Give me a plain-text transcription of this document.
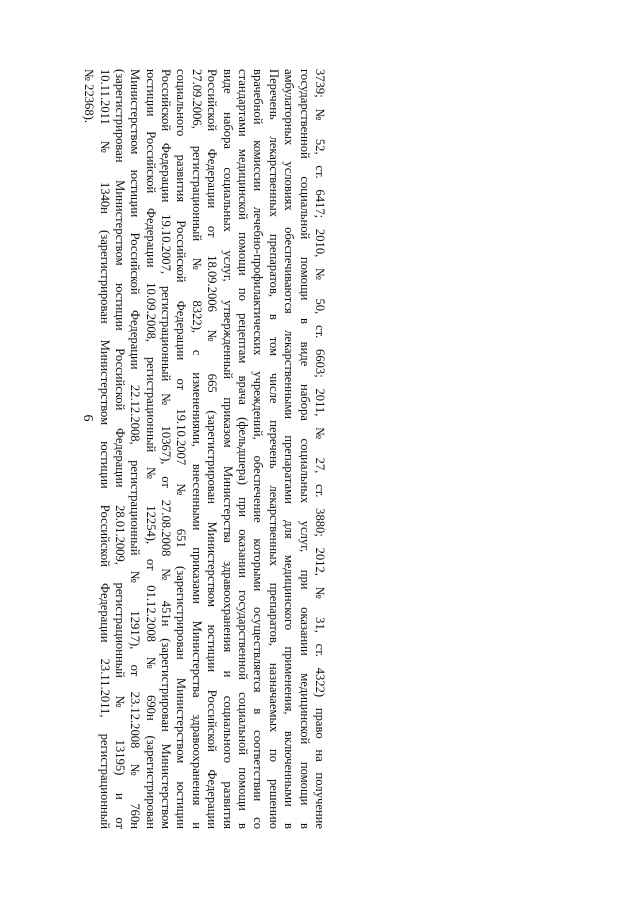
6	3739; № 52, ст. 6417; 2010, № 50, ст. 6603; 2011, № 27, ст. 3880; 2012, № 31, ст. 4322) право на получение
государственной социальной помощи в виде набора социальных услуг, при оказании медицинской помощи в
амбулаторных условиях обеспечиваются лекарственными препаратами для медицинского применения, включенными в
Перечень лекарственных препаратов, в том числе перечень лекарственных препаратов, назначаемых по решению
врачебной комиссии лечебно-профилактических учреждений, обеспечение которыми осуществляется в соответствии со
стандартами медицинской помощи по рецептам врача (фельдшера) при оказании государственной социальной помощи в
виде набора социальных услуг, утвержденный приказом Министерства здравоохранения и социального развития
Российской Федерации от 18.09.2006 № 665 (зарегистрирован Министерством юстиции Российской Федерации
27.09.2006, регистрационный № 8322), с изменениями, внесенными приказами Министерства здравоохранения и
социального развития Российской Федерации от 19.10.2007 № 651 (зарегистрирован Министерством юстиции
Российской Федерации 19.10.2007, регистрационный № 10367), от 27.08.2008 № 451н (зарегистрирован Министерством
юстиции Российской Федерации 10.09.2008, регистрационный № 12254), от 01.12.2008 № 690н (зарегистрирован
Министерством юстиции Российской Федерации 22.12.2008, регистрационный № 12917), от 23.12.2008 № 760н
(зарегистрирован Министерством юстиции Российской Федерации 28.01.2009, регистрационный № 13195) и от
10.11.2011 № 1340н (зарегистрирован Министерством юстиции Российской Федерации 23.11.2011, регистрационный
№ 22368).
